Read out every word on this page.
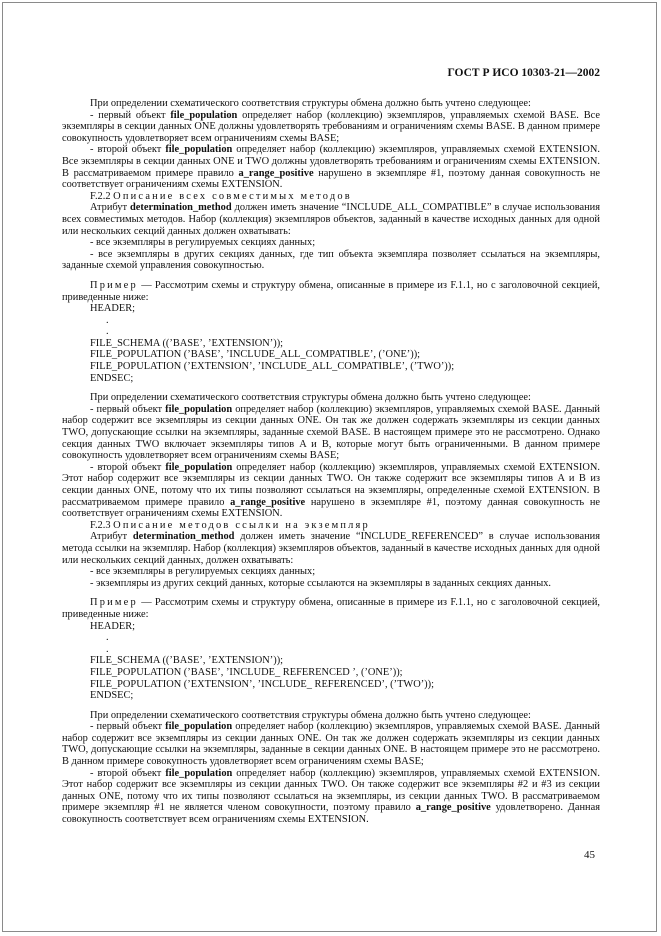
ГОСТ Р ИСО 10303-21—2002

При определении схематического соответствия структуры обмена должно быть учтено следующее:

- первый объект file_population определяет набор (коллекцию) экземпляров, управляемых схемой BASE. Все экземпляры в секции данных ONE должны удовлетворять требованиям и ограничениям схемы BASE. В данном примере совокупность удовлетворяет всем ограничениям схемы BASE;

- второй объект file_population определяет набор (коллекцию) экземпляров, управляемых схемой EXTENSION. Все экземпляры в секции данных ONE и TWO должны удовлетворять требованиям и ограничениям схемы EXTENSION. В рассматриваемом примере правило a_range_positive нарушено в экземпляре #1, поэтому данная совокупность не соответствует ограничениям схемы EXTENSION.

F.2.2 Описание всех совместимых методов

Атрибут determination_method должен иметь значение “INCLUDE_ALL_COMPATIBLE” в случае использования всех совместимых методов. Набор (коллекция) экземпляров объектов, заданный в качестве исходных данных для одной или нескольких секций данных должен охватывать:

- все экземпляры в регулируемых секциях данных;

- все экземпляры в других секциях данных, где тип объекта экземпляра позволяет ссылаться на экземпляры, заданные схемой управления совокупностью.

Пример — Рассмотрим схемы и структуру обмена, описанные в примере из F.1.1, но с заголовочной секцией, приведенные ниже:

HEADER;

.

.

FILE_SCHEMA ((’BASE’, ’EXTENSION’));

FILE_POPULATION (’BASE’, ’INCLUDE_ALL_COMPATIBLE’, (’ONE’));

FILE_POPULATION (’EXTENSION’, ’INCLUDE_ALL_COMPATIBLE’, (’TWO’));

ENDSEC;

При определении схематического соответствия структуры обмена должно быть учтено следующее:

- первый объект file_population определяет набор (коллекцию) экземпляров, управляемых схемой BASE. Данный набор содержит все экземпляры из секции данных ONE. Он так же должен содержать экземпляры из секции данных TWO, допускающие ссылки на экземпляры, заданные схемой BASE. В настоящем примере это не рассмотрено. Однако секция данных TWO включает экземпляры типов A и B, которые могут быть ограниченными. В данном примере совокупность удовлетворяет всем ограничениям схемы BASE;

- второй объект file_population определяет набор (коллекцию) экземпляров, управляемых схемой EXTENSION. Этот набор содержит все экземпляры из секции данных TWO. Он также содержит все экземпляры типов A и B из секции данных ONE, потому что их типы позволяют ссылаться на экземпляры, определенные схемой EXTENSION. В рассматриваемом примере правило a_range_positive нарушено в экземпляре #1, поэтому данная совокупность не соответствует ограничениям схемы EXTENSION.

F.2.3 Описание методов ссылки на экземпляр

Атрибут determination_method должен иметь значение “INCLUDE_REFERENCED” в случае использования метода ссылки на экземпляр. Набор (коллекция) экземпляров объектов, заданный в качестве исходных данных для одной или нескольких секций данных, должен охватывать:

- все экземпляры в регулируемых секциях данных;

- экземпляры из других секций данных, которые ссылаются на экземпляры в заданных секциях данных.

Пример — Рассмотрим схемы и структуру обмена, описанные в примере из F.1.1, но с заголовочной секцией, приведенные ниже:

HEADER;

.

.

FILE_SCHEMA ((’BASE’, ’EXTENSION’));

FILE_POPULATION (’BASE’, ’INCLUDE_ REFERENCED ’, (’ONE’));

FILE_POPULATION (’EXTENSION’, ’INCLUDE_ REFERENCED’, (’TWO’));

ENDSEC;

При определении схематического соответствия структуры обмена должно быть учтено следующее:

- первый объект file_population определяет набор (коллекцию) экземпляров, управляемых схемой BASE. Данный набор содержит все экземпляры из секции данных ONE. Он так же должен содержать экземпляры из секции данных TWO, допускающие ссылки на экземпляры, заданные в секции данных ONE. В настоящем примере это не рассмотрено. В данном примере совокупность удовлетворяет всем ограничениям схемы BASE;

- второй объект file_population определяет набор (коллекцию) экземпляров, управляемых схемой EXTENSION. Этот набор содержит все экземпляры из секции данных TWO. Он также содержит все экземпляры #2 и #3 из секции данных ONE, потому что их типы позволяют ссылаться на экземпляры, из секции данных TWO. В рассматриваемом примере экземпляр #1 не является членом совокупности, поэтому правило a_range_positive удовлетворено. Данная совокупность соответствует всем ограничениям схемы EXTENSION.

45
